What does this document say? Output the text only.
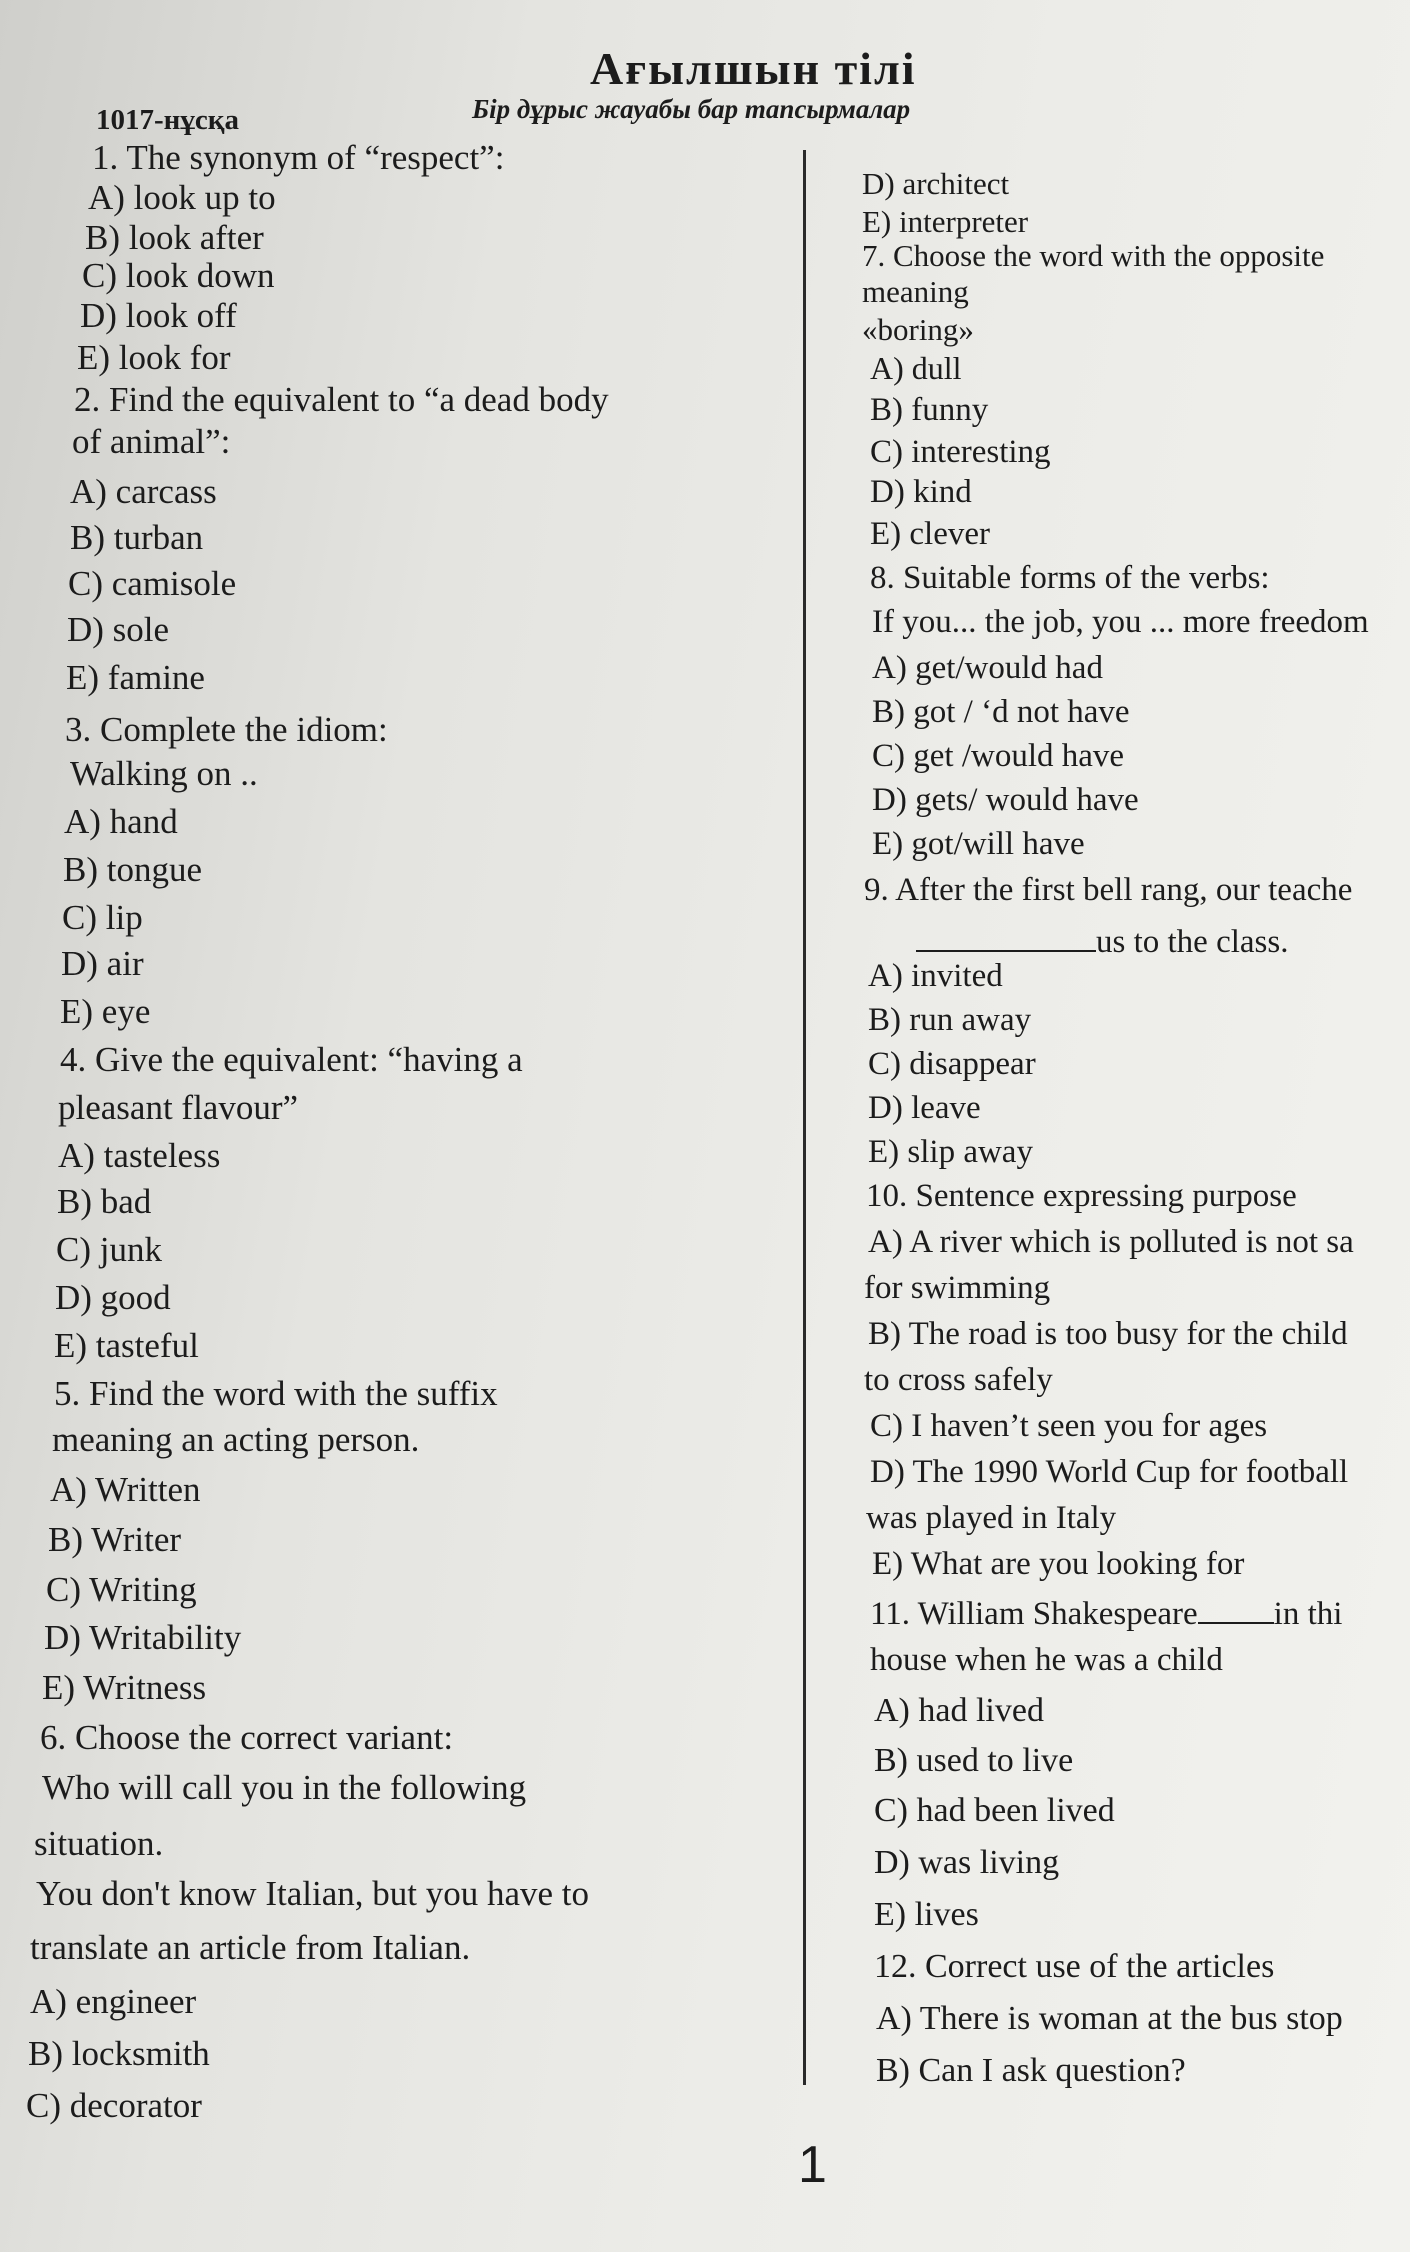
Ағылшын тілі
1017-нұсқа	Бір дұрыс жауабы бар тапсырмалар
1. The synonym of “respect”:
A) look up to
B) look after
C) look down
D) look off
E) look for
2. Find the equivalent to “a dead body
of animal”:
A) carcass
B) turban
C) camisole
D) sole
E) famine
3. Complete the idiom:
Walking on ..
A) hand
B) tongue
C) lip
D) air
E) eye
4. Give the equivalent: “having a
pleasant flavour”
A) tasteless
B) bad
C) junk
D) good
E) tasteful
5. Find the word with the suffix
meaning an acting person.
A) Written
B) Writer
C) Writing
D) Writability
E) Writness
6. Choose the correct variant:
Who will call you in the following
situation.
You don't know Italian, but you have to
translate an article from Italian.
A) engineer
B) locksmith
C) decorator
D) architect
E) interpreter
7. Choose the word with the opposite
meaning
«boring»
A) dull
B) funny
C) interesting
D) kind
E) clever
8. Suitable forms of the verbs:
If you... the job, you ... more freedom
A) get/would had
B) got / ‘d not have
C) get /would have
D) gets/ would have
E) got/will have
9. After the first bell rang, our teache
us to the class.
A) invited
B) run away
C) disappear
D) leave
E) slip away
10. Sentence expressing purpose
A) A river which is polluted is not sa
for swimming
B) The road is too busy for the child
to cross safely
C) I haven’t seen you for ages
D) The 1990 World Cup for football
was played in Italy
E) What are you looking for
11. William Shakespeare in thi
house when he was a child
A) had lived
B) used to live
C) had been lived
D) was living
E) lives
12. Correct use of the articles
A) There is woman at the bus stop
B) Can I ask question?
1
